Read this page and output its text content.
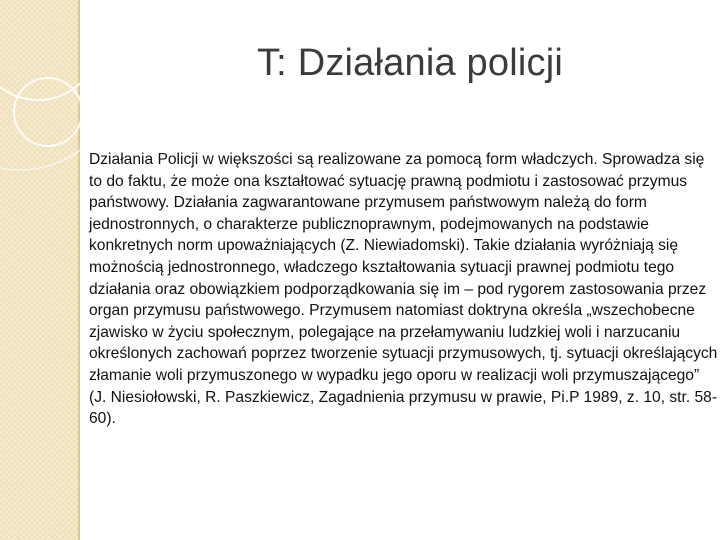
T: Działania policji
Działania Policji w większości są realizowane za pomocą form władczych. Sprowadza się to do faktu, że może ona kształtować sytuację prawną podmiotu i zastosować przymus państwowy. Działania zagwarantowane przymusem państwowym należą do form jednostronnych, o charakterze publicznoprawnym, podejmowanych na podstawie konkretnych norm upoważniających (Z. Niewiadomski). Takie działania wyróżniają się możnością jednostronnego, władczego kształtowania sytuacji prawnej podmiotu tego działania oraz obowiązkiem podporządkowania się im – pod rygorem zastosowania przez organ przymusu państwowego. Przymusem natomiast doktryna określa „wszechobecne zjawisko w życiu społecznym, polegające na przełamywaniu ludzkiej woli i narzucaniu określonych zachowań poprzez tworzenie sytuacji przymusowych, tj. sytuacji określających złamanie woli przymuszonego w wypadku jego oporu w realizacji woli przymuszającego” (J. Niesiołowski, R. Paszkiewicz, Zagadnienia przymusu w prawie, Pi.P 1989, z. 10, str. 58-60).
